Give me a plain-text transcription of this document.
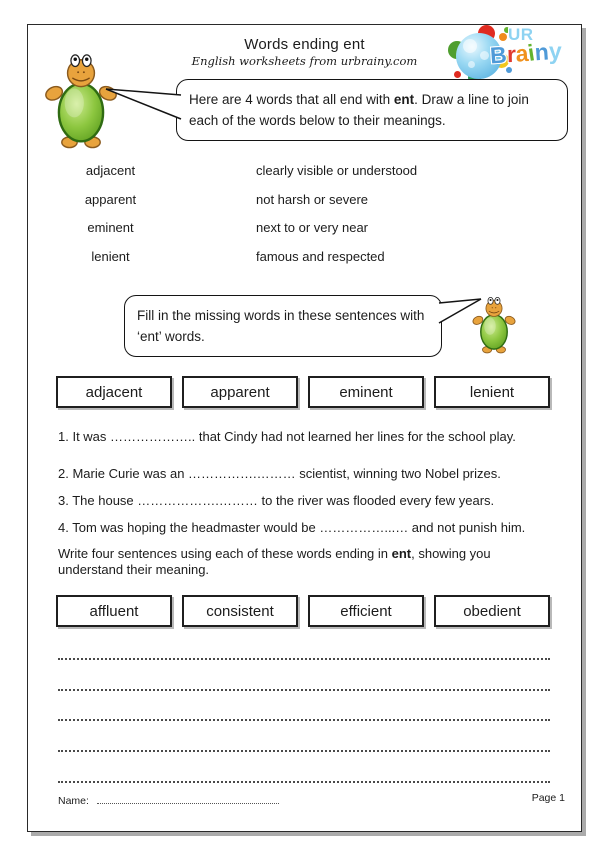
Words ending ent
English worksheets from urbrainy.com
UR
Brainy
Here are 4 words that all end with ent. Draw a line to join each of the words below to their meanings.
adjacent	clearly visible or understood
apparent	not harsh or severe
eminent	next to or very near
lenient	famous and respected
Fill in the missing words in these sentences with ‘ent’ words.
adjacent	apparent	eminent	lenient
1. It was ……………….. that Cindy had not learned her lines for the school play.
2. Marie Curie was an …………….……… scientist, winning two Nobel prizes.
3. The house ……………….……… to the river was flooded every few years.
4. Tom was hoping the headmaster would be ……………...… and not punish him.
Write four sentences using each of these words ending in ent, showing you understand their meaning.
affluent	consistent	efficient	obedient
Name:	Page 1
